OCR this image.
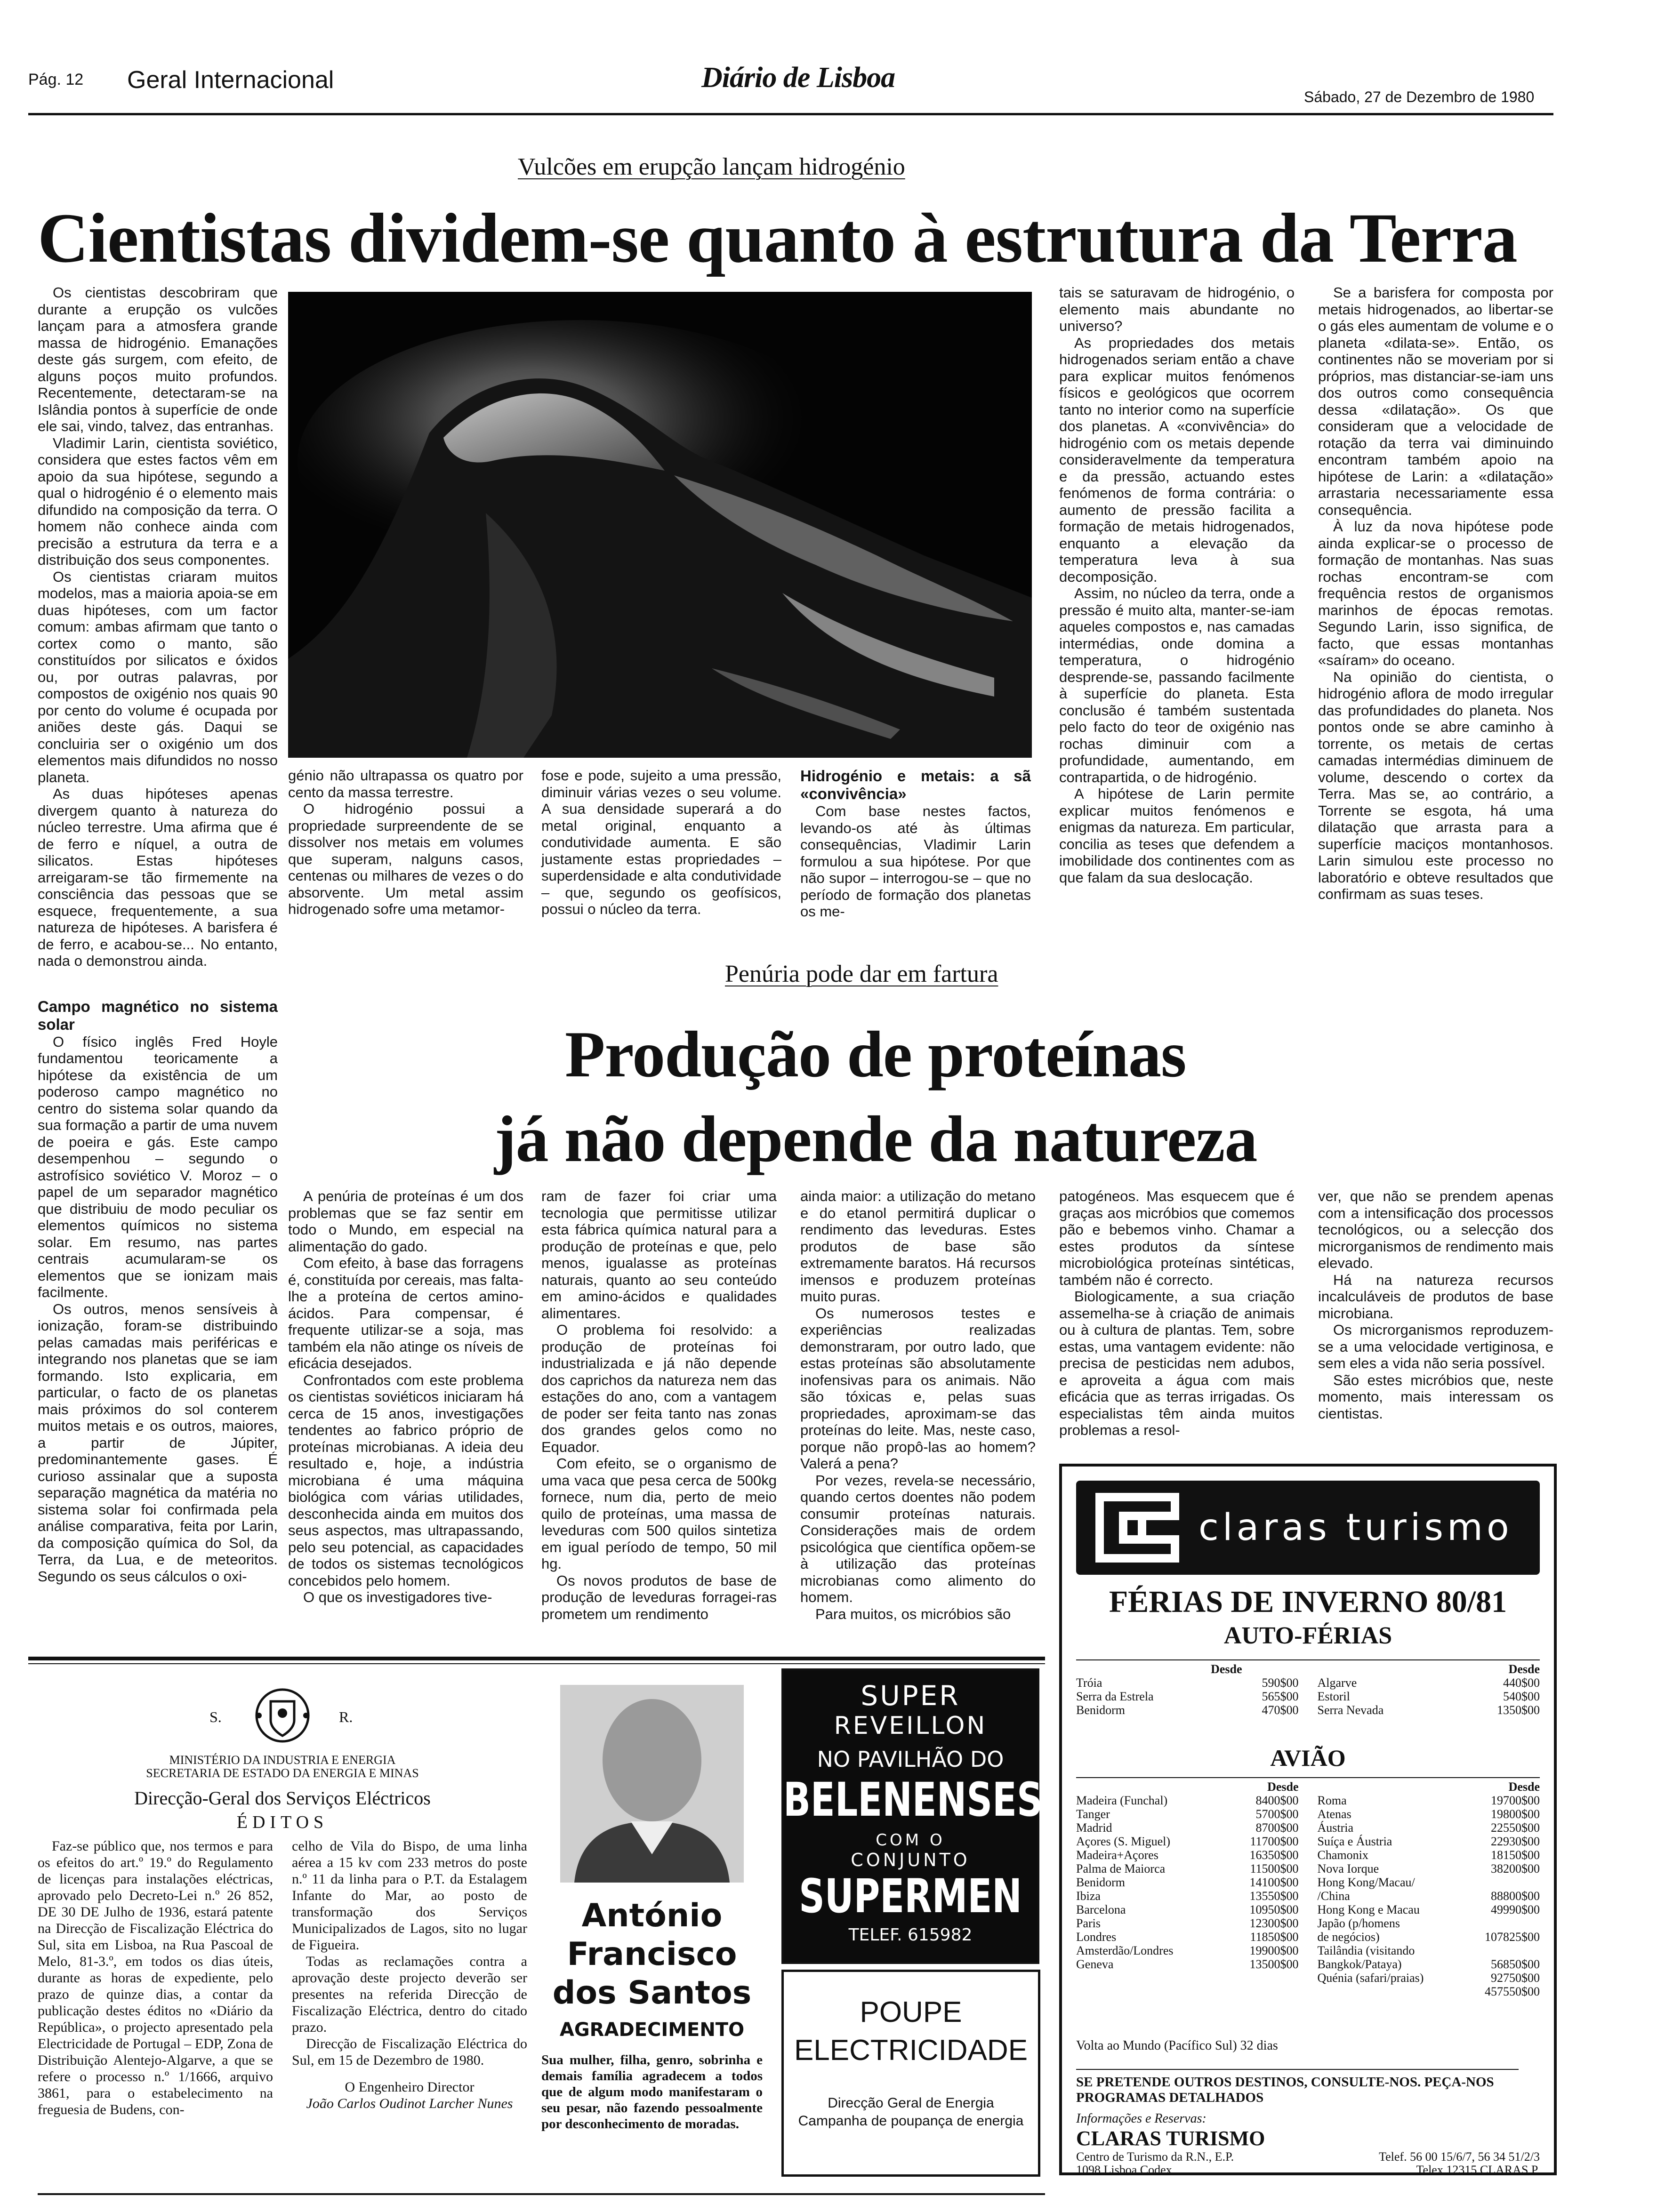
Pág. 12 Geral Internacional	Diário de Lisboa
Sábado, 27 de Dezembro de 1980
Vulcões em erupção lançam hidrogénio
Cientistas dividem-se quanto à estrutura da Terra

Os cientistas descobriram que durante a erupção os vulcões lançam para a atmosfera grande massa de hidrogénio. Emanações deste gás surgem, com efeito, de alguns poços muito profundos. Recentemente, detectaram-se na Islândia pontos à superfície de onde ele sai, vindo, talvez, das entranhas.

Vladimir Larin, cientista soviético, considera que estes factos vêm em apoio da sua hipótese, segundo a qual o hidrogénio é o elemento mais difundido na composição da terra. O homem não conhece ainda com precisão a estrutura da terra e a distribuição dos seus componentes.

Os cientistas criaram muitos modelos, mas a maioria apoia-se em duas hipóteses, com um factor comum: ambas afirmam que tanto o cortex como o manto, são constituídos por silicatos e óxidos ou, por outras palavras, por compostos de oxigénio nos quais 90 por cento do volume é ocupada por aniões deste gás. Daqui se concluiria ser o oxigénio um dos elementos mais difundidos no nosso planeta.

As duas hipóteses apenas divergem quanto à natureza do núcleo terrestre. Uma afirma que é de ferro e níquel, a outra de silicatos. Estas hipóteses arreigaram-se tão firmemente na consciência das pessoas que se esquece, frequentemente, a sua natureza de hipóteses. A barisfera é de ferro, e acabou-se... No entanto, nada o demonstrou ainda.

Campo magnético no sistema solar

O físico inglês Fred Hoyle fundamentou teoricamente a hipótese da existência de um poderoso campo magnético no centro do sistema solar quando da sua formação a partir de uma nuvem de poeira e gás. Este campo desempenhou – segundo o astrofísico soviético V. Moroz – o papel de um separador magnético que distribuiu de modo peculiar os elementos químicos no sistema solar. Em resumo, nas partes centrais acumularam-se os elementos que se ionizam mais facilmente.

Os outros, menos sensíveis à ionização, foram-se distribuindo pelas camadas mais periféricas e integrando nos planetas que se iam formando. Isto explicaria, em particular, o facto de os planetas mais próximos do sol conterem muitos metais e os outros, maiores, a partir de Júpiter, predominantemente gases. É curioso assinalar que a suposta separação magnética da matéria no sistema solar foi confirmada pela análise comparativa, feita por Larin, da composição química do Sol, da Terra, da Lua, e de meteoritos. Segundo os seus cálculos o oxi-

génio não ultrapassa os quatro por cento da massa terrestre.

O hidrogénio possui a propriedade surpreendente de se dissolver nos metais em volumes que superam, nalguns casos, centenas ou milhares de vezes o do absorvente. Um metal assim hidrogenado sofre uma metamor-

fose e pode, sujeito a uma pressão, diminuir várias vezes o seu volume. A sua densidade superará a do metal original, enquanto a condutividade aumenta. E são justamente estas propriedades – superdensidade e alta condutividade – que, segundo os geofísicos, possui o núcleo da terra.

Hidrogénio e metais: a sã «convivência»

Com base nestes factos, levando-os até às últimas consequências, Vladimir Larin formulou a sua hipótese. Por que não supor – interrogou-se – que no período de formação dos planetas os me-

tais se saturavam de hidrogénio, o elemento mais abundante no universo?

As propriedades dos metais hidrogenados seriam então a chave para explicar muitos fenómenos físicos e geológicos que ocorrem tanto no interior como na superfície dos planetas. A «convivência» do hidrogénio com os metais depende consideravelmente da temperatura e da pressão, actuando estes fenómenos de forma contrária: o aumento de pressão facilita a formação de metais hidrogenados, enquanto a elevação da temperatura leva à sua decomposição.

Assim, no núcleo da terra, onde a pressão é muito alta, manter-se-iam aqueles compostos e, nas camadas intermédias, onde domina a temperatura, o hidrogénio desprende-se, passando facilmente à superfície do planeta. Esta conclusão é também sustentada pelo facto do teor de oxigénio nas rochas diminuir com a profundidade, aumentando, em contrapartida, o de hidrogénio.

A hipótese de Larin permite explicar muitos fenómenos e enigmas da natureza. Em particular, concilia as teses que defendem a imobilidade dos continentes com as que falam da sua deslocação.

Se a barisfera for composta por metais hidrogenados, ao libertar-se o gás eles aumentam de volume e o planeta «dilata-se». Então, os continentes não se moveriam por si próprios, mas distanciar-se-iam uns dos outros como consequência dessa «dilatação». Os que consideram que a velocidade de rotação da terra vai diminuindo encontram também apoio na hipótese de Larin: a «dilatação» arrastaria necessariamente essa consequência.

À luz da nova hipótese pode ainda explicar-se o processo de formação de montanhas. Nas suas rochas encontram-se com frequência restos de organismos marinhos de épocas remotas. Segundo Larin, isso significa, de facto, que essas montanhas «saíram» do oceano.

Na opinião do cientista, o hidrogénio aflora de modo irregular das profundidades do planeta. Nos pontos onde se abre caminho à torrente, os metais de certas camadas intermédias diminuem de volume, descendo o cortex da Terra. Mas se, ao contrário, a Torrente se esgota, há uma dilatação que arrasta para a superfície maciços montanhosos. Larin simulou este processo no laboratório e obteve resultados que confirmam as suas teses.

Penúria pode dar em fartura
Produção de proteínas
já não depende da natureza

A penúria de proteínas é um dos problemas que se faz sentir em todo o Mundo, em especial na alimentação do gado.

Com efeito, à base das forragens é, constituída por cereais, mas falta-lhe a proteína de certos amino-ácidos. Para compensar, é frequente utilizar-se a soja, mas também ela não atinge os níveis de eficácia desejados.

Confrontados com este problema os cientistas soviéticos iniciaram há cerca de 15 anos, investigações tendentes ao fabrico próprio de proteínas microbianas. A ideia deu resultado e, hoje, a indústria microbiana é uma máquina biológica com várias utilidades, desconhecida ainda em muitos dos seus aspectos, mas ultrapassando, pelo seu potencial, as capacidades de todos os sistemas tecnológicos concebidos pelo homem.

O que os investigadores tive-

ram de fazer foi criar uma tecnologia que permitisse utilizar esta fábrica química natural para a produção de proteínas e que, pelo menos, igualasse as proteínas naturais, quanto ao seu conteúdo em amino-ácidos e qualidades alimentares.

O problema foi resolvido: a produção de proteínas foi industrializada e já não depende dos caprichos da natureza nem das estações do ano, com a vantagem de poder ser feita tanto nas zonas dos grandes gelos como no Equador.

Com efeito, se o organismo de uma vaca que pesa cerca de 500kg fornece, num dia, perto de meio quilo de proteínas, uma massa de leveduras com 500 quilos sintetiza em igual período de tempo, 50 mil hg.

Os novos produtos de base de produção de leveduras forragei-ras prometem um rendimento

ainda maior: a utilização do metano e do etanol permitirá duplicar o rendimento das leveduras. Estes produtos de base são extremamente baratos. Há recursos imensos e produzem proteínas muito puras.

Os numerosos testes e experiências realizadas demonstraram, por outro lado, que estas proteínas são absolutamente inofensivas para os animais. Não são tóxicas e, pelas suas propriedades, aproximam-se das proteínas do leite. Mas, neste caso, porque não propô-las ao homem? Valerá a pena?

Por vezes, revela-se necessário, quando certos doentes não podem consumir proteínas naturais. Considerações mais de ordem psicológica que científica opõem-se à utilização das proteínas microbianas como alimento do homem.

Para muitos, os micróbios são

patogéneos. Mas esquecem que é graças aos micróbios que comemos pão e bebemos vinho. Chamar a estes produtos da síntese microbiológica proteínas sintéticas, também não é correcto.

Biologicamente, a sua criação assemelha-se à criação de animais ou à cultura de plantas. Tem, sobre estas, uma vantagem evidente: não precisa de pesticidas nem adubos, e aproveita a água com mais eficácia que as terras irrigadas. Os especialistas têm ainda muitos problemas a resol-

ver, que não se prendem apenas com a intensificação dos processos tecnológicos, ou a selecção dos microrganismos de rendimento mais elevado.

Há na natureza recursos incalculáveis de produtos de base microbiana.

Os microrganismos reproduzem-se a uma velocidade vertiginosa, e sem eles a vida não seria possível.

São estes micróbios que, neste momento, mais interessam os cientistas.

claras turismo
FÉRIAS DE INVERNO 80/81
AUTO-FÉRIAS
Desde
Tróia	590$00
Serra da Estrela	565$00
Benidorm	470$00
Desde
Algarve	440$00
Estoril	540$00
Serra Nevada	1350$00
AVIÃO
Desde
Madeira (Funchal)	8400$00
Tanger	5700$00
Madrid	8700$00
Açores (S. Miguel)	11700$00
Madeira+Açores	16350$00
Palma de Maiorca	11500$00
Benidorm	14100$00
Ibiza	13550$00
Barcelona	10950$00
Paris	12300$00
Londres	11850$00
Amsterdão/Londres	19900$00
Geneva	13500$00
Desde
Roma	19700$00
Atenas	19800$00
Áustria	22550$00
Suíça e Áustria	22930$00
Chamonix	18150$00
Nova Iorque	38200$00
Hong Kong/Macau/
/China	88800$00
Hong Kong e Macau	49990$00
Japão (p/homens
de negócios)	107825$00
Tailândia (visitando
Bangkok/Pataya)	56850$00
Quénia (safari/praias)	92750$00
457550$00
Volta ao Mundo (Pacífico Sul) 32 dias
SE PRETENDE OUTROS DESTINOS, CONSULTE-NOS. PEÇA-NOS PROGRAMAS DETALHADOS
Informações e Reservas:
CLARAS TURISMO
Centro de Turismo da R.N., E.P.
1098 Lisboa Codex
Telef. 56 00 15/6/7, 56 34 51/2/3
Telex 12315 CLARAS P.
S.	R.
MINISTÉRIO DA INDUSTRIA E ENERGIA
SECRETARIA DE ESTADO DA ENERGIA E MINAS
Direcção-Geral dos Serviços Eléctricos
ÉDITOS
Faz-se público que, nos termos e para os efeitos do art.º 19.º do Regulamento de licenças para instalações eléctricas, aprovado pelo Decreto-Lei n.º 26 852, DE 30 DE Julho de 1936, estará patente na Direcção de Fiscalização Eléctrica do Sul, sita em Lisboa, na Rua Pascoal de Melo, 81-3.º, em todos os dias úteis, durante as horas de expediente, pelo prazo de quinze dias, a contar da publicação destes éditos no «Diário da República», o projecto apresentado pela Electricidade de Portugal – EDP, Zona de Distribuição Alentejo-Algarve, a que se refere o processo n.º 1/1666, arquivo 3861, para o estabelecimento na freguesia de Budens, con-
celho de Vila do Bispo, de uma linha aérea a 15 kv com 233 metros do poste n.º 11 da linha para o P.T. da Estalagem Infante do Mar, ao posto de transformação dos Serviços Municipalizados de Lagos, sito no lugar de Figueira.
Todas as reclamações contra a aprovação deste projecto deverão ser presentes na referida Direcção de Fiscalização Eléctrica, dentro do citado prazo.
Direcção de Fiscalização Eléctrica do Sul, em 15 de Dezembro de 1980.
O Engenheiro Director
João Carlos Oudinot Larcher Nunes
António Francisco dos Santos
AGRADECIMENTO
Sua mulher, filha, genro, sobrinha e demais família agradecem a todos que de algum modo manifestaram o seu pesar, não fazendo pessoalmente por desconhecimento de moradas.
SUPER
REVEILLON
NO PAVILHÃO DO
BELENENSES
COM O
CONJUNTO
SUPERMEN
TELEF. 615982
POUPE
ELECTRICIDADE
Direcção Geral de Energia
Campanha de poupança de energia
